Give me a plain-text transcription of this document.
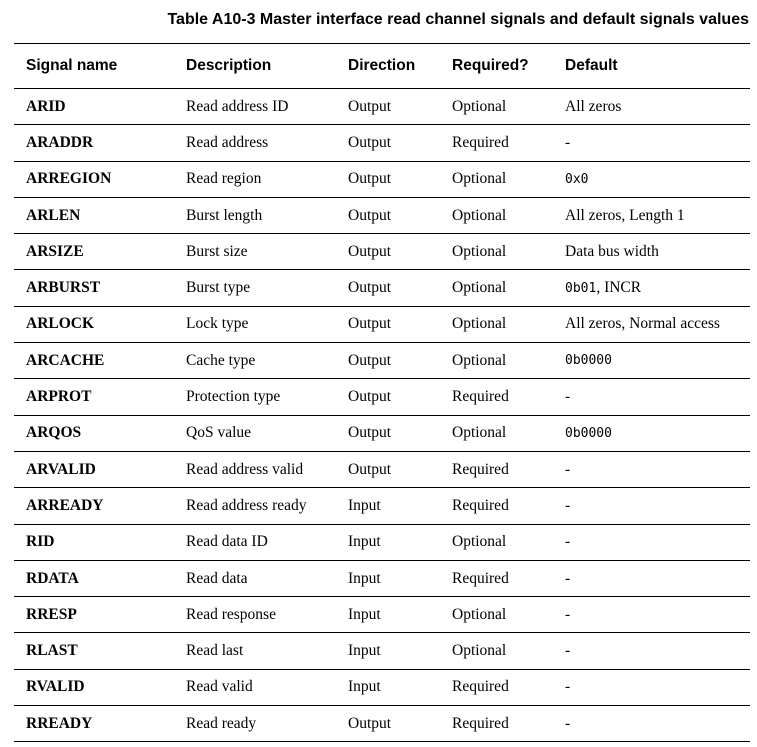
Table A10-3 Master interface read channel signals and default signals values
Signal name	Description	Direction	Required?	Default
ARID	Read address ID	Output	Optional	All zeros
ARADDR	Read address	Output	Required	-
ARREGION	Read region	Output	Optional	0x0
ARLEN	Burst length	Output	Optional	All zeros, Length 1
ARSIZE	Burst size	Output	Optional	Data bus width
ARBURST	Burst type	Output	Optional	0b01, INCR
ARLOCK	Lock type	Output	Optional	All zeros, Normal access
ARCACHE	Cache type	Output	Optional	0b0000
ARPROT	Protection type	Output	Required	-
ARQOS	QoS value	Output	Optional	0b0000
ARVALID	Read address valid	Output	Required	-
ARREADY	Read address ready	Input	Required	-
RID	Read data ID	Input	Optional	-
RDATA	Read data	Input	Required	-
RRESP	Read response	Input	Optional	-
RLAST	Read last	Input	Optional	-
RVALID	Read valid	Input	Required	-
RREADY	Read ready	Output	Required	-
